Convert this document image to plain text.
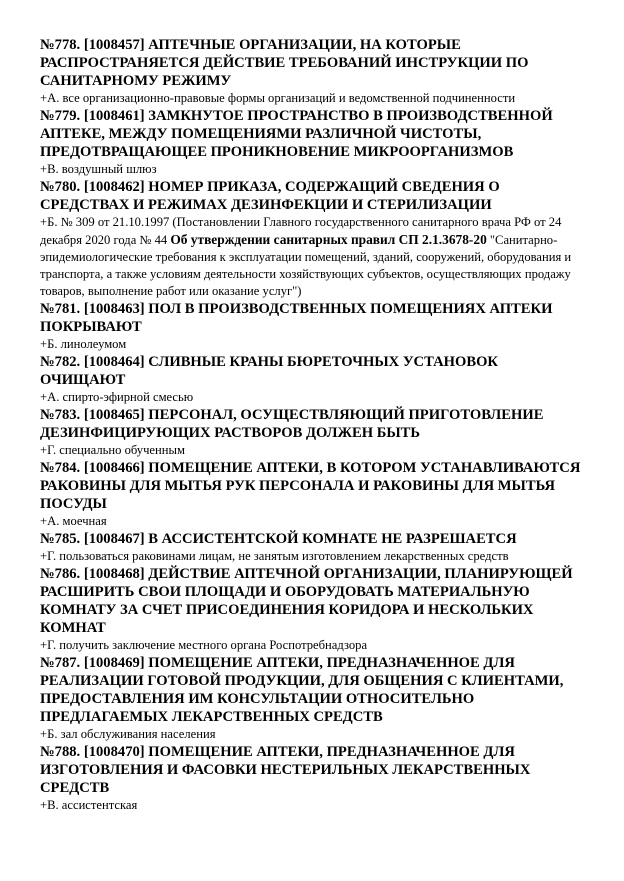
№778. [1008457] АПТЕЧНЫЕ ОРГАНИЗАЦИИ, НА КОТОРЫЕ РАСПРОСТРАНЯЕТСЯ ДЕЙСТВИЕ ТРЕБОВАНИЙ ИНСТРУКЦИИ ПО САНИТАРНОМУ РЕЖИМУ

+А. все организационно-правовые формы организаций и ведомственной подчиненности

№779. [1008461] ЗАМКНУТОЕ ПРОСТРАНСТВО В ПРОИЗВОДСТВЕННОЙ АПТЕКЕ, МЕЖДУ ПОМЕЩЕНИЯМИ РАЗЛИЧНОЙ ЧИСТОТЫ, ПРЕДОТВРАЩАЮЩЕЕ ПРОНИКНОВЕНИЕ МИКРООРГАНИЗМОВ

+В. воздушный шлюз

№780. [1008462] НОМЕР ПРИКАЗА, СОДЕРЖАЩИЙ СВЕДЕНИЯ О СРЕДСТВАХ И РЕЖИМАХ ДЕЗИНФЕКЦИИ И СТЕРИЛИЗАЦИИ

+Б. № 309 от 21.10.1997 (Постановлении Главного государственного санитарного врача РФ от 24 декабря 2020 года № 44 Об утверждении санитарных правил СП 2.1.3678-20 "Санитарно-эпидемиологические требования к эксплуатации помещений, зданий, сооружений, оборудования и транспорта, а также условиям деятельности хозяйствующих субъектов, осуществляющих продажу товаров, выполнение работ или оказание услуг")

№781. [1008463] ПОЛ В ПРОИЗВОДСТВЕННЫХ ПОМЕЩЕНИЯХ АПТЕКИ ПОКРЫВАЮТ

+Б. линолеумом

№782. [1008464] СЛИВНЫЕ КРАНЫ БЮРЕТОЧНЫХ УСТАНОВОК ОЧИЩАЮТ

+А. спирто-эфирной смесью

№783. [1008465] ПЕРСОНАЛ, ОСУЩЕСТВЛЯЮЩИЙ ПРИГОТОВЛЕНИЕ ДЕЗИНФИЦИРУЮЩИХ РАСТВОРОВ ДОЛЖЕН БЫТЬ

+Г. специально обученным

№784. [1008466] ПОМЕЩЕНИЕ АПТЕКИ, В КОТОРОМ УСТАНАВЛИВАЮТСЯ РАКОВИНЫ ДЛЯ МЫТЬЯ РУК ПЕРСОНАЛА И РАКОВИНЫ ДЛЯ МЫТЬЯ ПОСУДЫ

+А. моечная

№785. [1008467] В АССИСТЕНТСКОЙ КОМНАТЕ НЕ РАЗРЕШАЕТСЯ

+Г. пользоваться раковинами лицам, не занятым изготовлением лекарственных средств

№786. [1008468] ДЕЙСТВИЕ АПТЕЧНОЙ ОРГАНИЗАЦИИ, ПЛАНИРУЮЩЕЙ РАСШИРИТЬ СВОИ ПЛОЩАДИ И ОБОРУДОВАТЬ МАТЕРИАЛЬНУЮ КОМНАТУ ЗА СЧЕТ ПРИСОЕДИНЕНИЯ КОРИДОРА И НЕСКОЛЬКИХ КОМНАТ

+Г. получить заключение местного органа Роспотребнадзора

№787. [1008469] ПОМЕЩЕНИЕ АПТЕКИ, ПРЕДНАЗНАЧЕННОЕ ДЛЯ РЕАЛИЗАЦИИ ГОТОВОЙ ПРОДУКЦИИ, ДЛЯ ОБЩЕНИЯ С КЛИЕНТАМИ, ПРЕДОСТАВЛЕНИЯ ИМ КОНСУЛЬТАЦИИ ОТНОСИТЕЛЬНО ПРЕДЛАГАЕМЫХ ЛЕКАРСТВЕННЫХ СРЕДСТВ

+Б. зал обслуживания населения

№788. [1008470] ПОМЕЩЕНИЕ АПТЕКИ, ПРЕДНАЗНАЧЕННОЕ ДЛЯ ИЗГОТОВЛЕНИЯ И ФАСОВКИ НЕСТЕРИЛЬНЫХ ЛЕКАРСТВЕННЫХ СРЕДСТВ

+В. ассистентская
